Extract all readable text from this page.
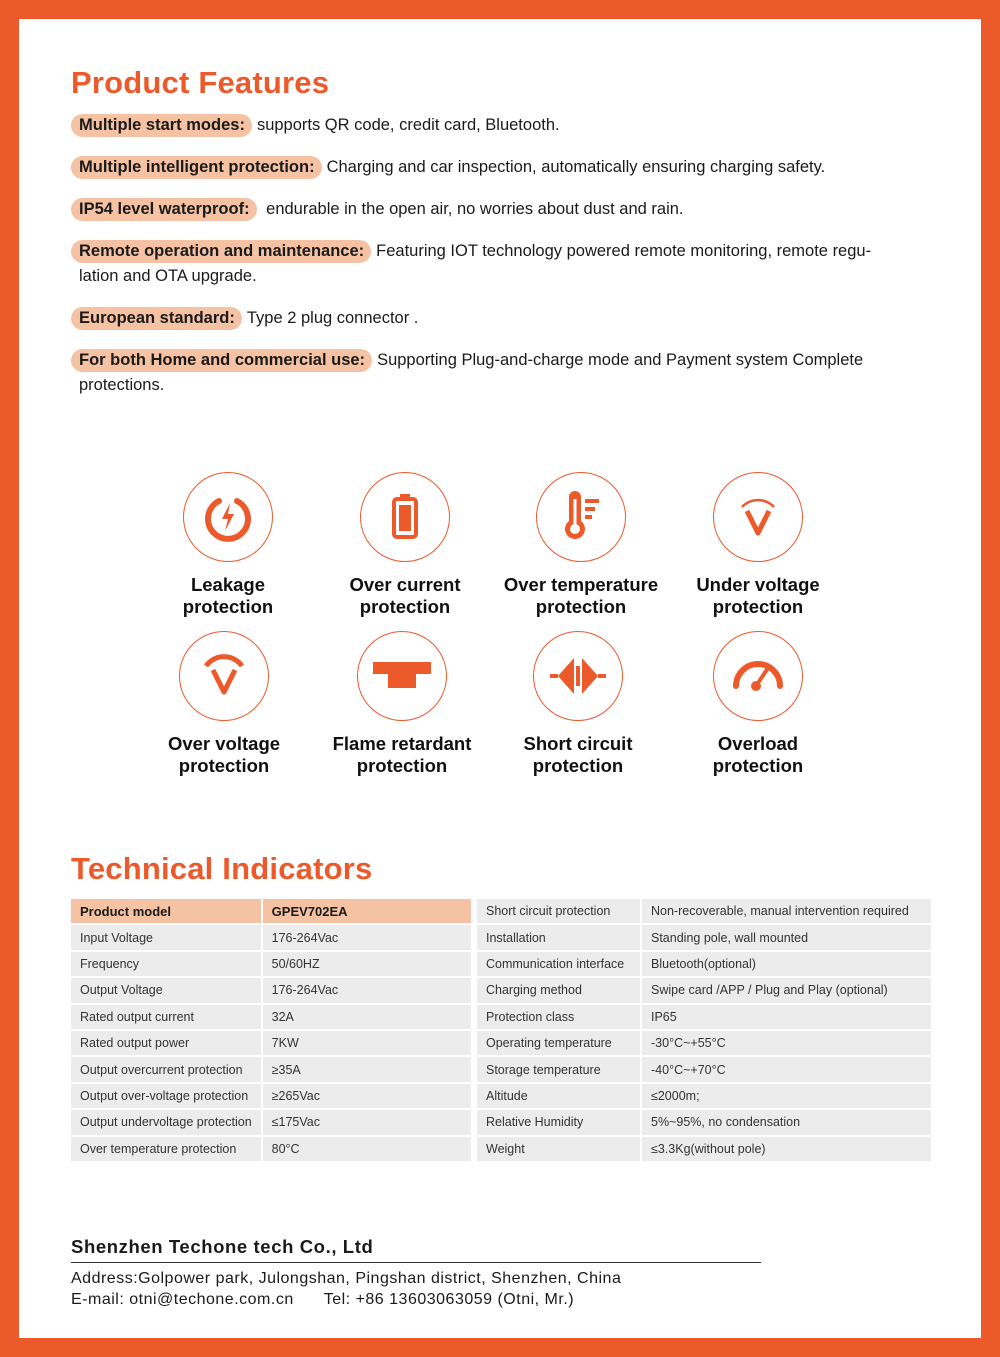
Product Features
Multiple start modes: supports QR code, credit card, Bluetooth.
Multiple intelligent protection: Charging and car inspection, automatically ensuring charging safety.
IP54 level waterproof: endurable in the open air, no worries about dust and rain.
Remote operation and maintenance: Featuring IOT technology powered remote monitoring, remote regu-
lation and OTA upgrade.
European standard: Type 2 plug connector .
For both Home and commercial use: Supporting Plug-and-charge mode and Payment system Complete
protections.
Leakage
protection
Over current
protection
Over temperature
protection
Under voltage
protection
Over voltage
protection
Flame retardant
protection
Short circuit
protection
Overload
protection
Technical Indicators
Product model	GPEV702EA
Input Voltage	176-264Vac
Frequency	50/60HZ
Output Voltage	176-264Vac
Rated output current	32A
Rated output power	7KW
Output overcurrent protection	≥35A
Output over-voltage protection	≥265Vac
Output undervoltage protection	≤175Vac
Over temperature protection	80°C
Short circuit protection	Non-recoverable, manual intervention required
Installation	Standing pole, wall mounted
Communication interface	Bluetooth(optional)
Charging method	Swipe card /APP / Plug and Play (optional)
Protection class	IP65
Operating temperature	-30°C~+55°C
Storage temperature	-40°C~+70°C
Altitude	≤2000m;
Relative Humidity	5%~95%, no condensation
Weight	≤3.3Kg(without pole)
Shenzhen Techone tech Co., Ltd
Address:Golpower park, Julongshan, Pingshan district, Shenzhen, China
E-mail: otni@techone.com.cn Tel: +86 13603063059 (Otni, Mr.)
